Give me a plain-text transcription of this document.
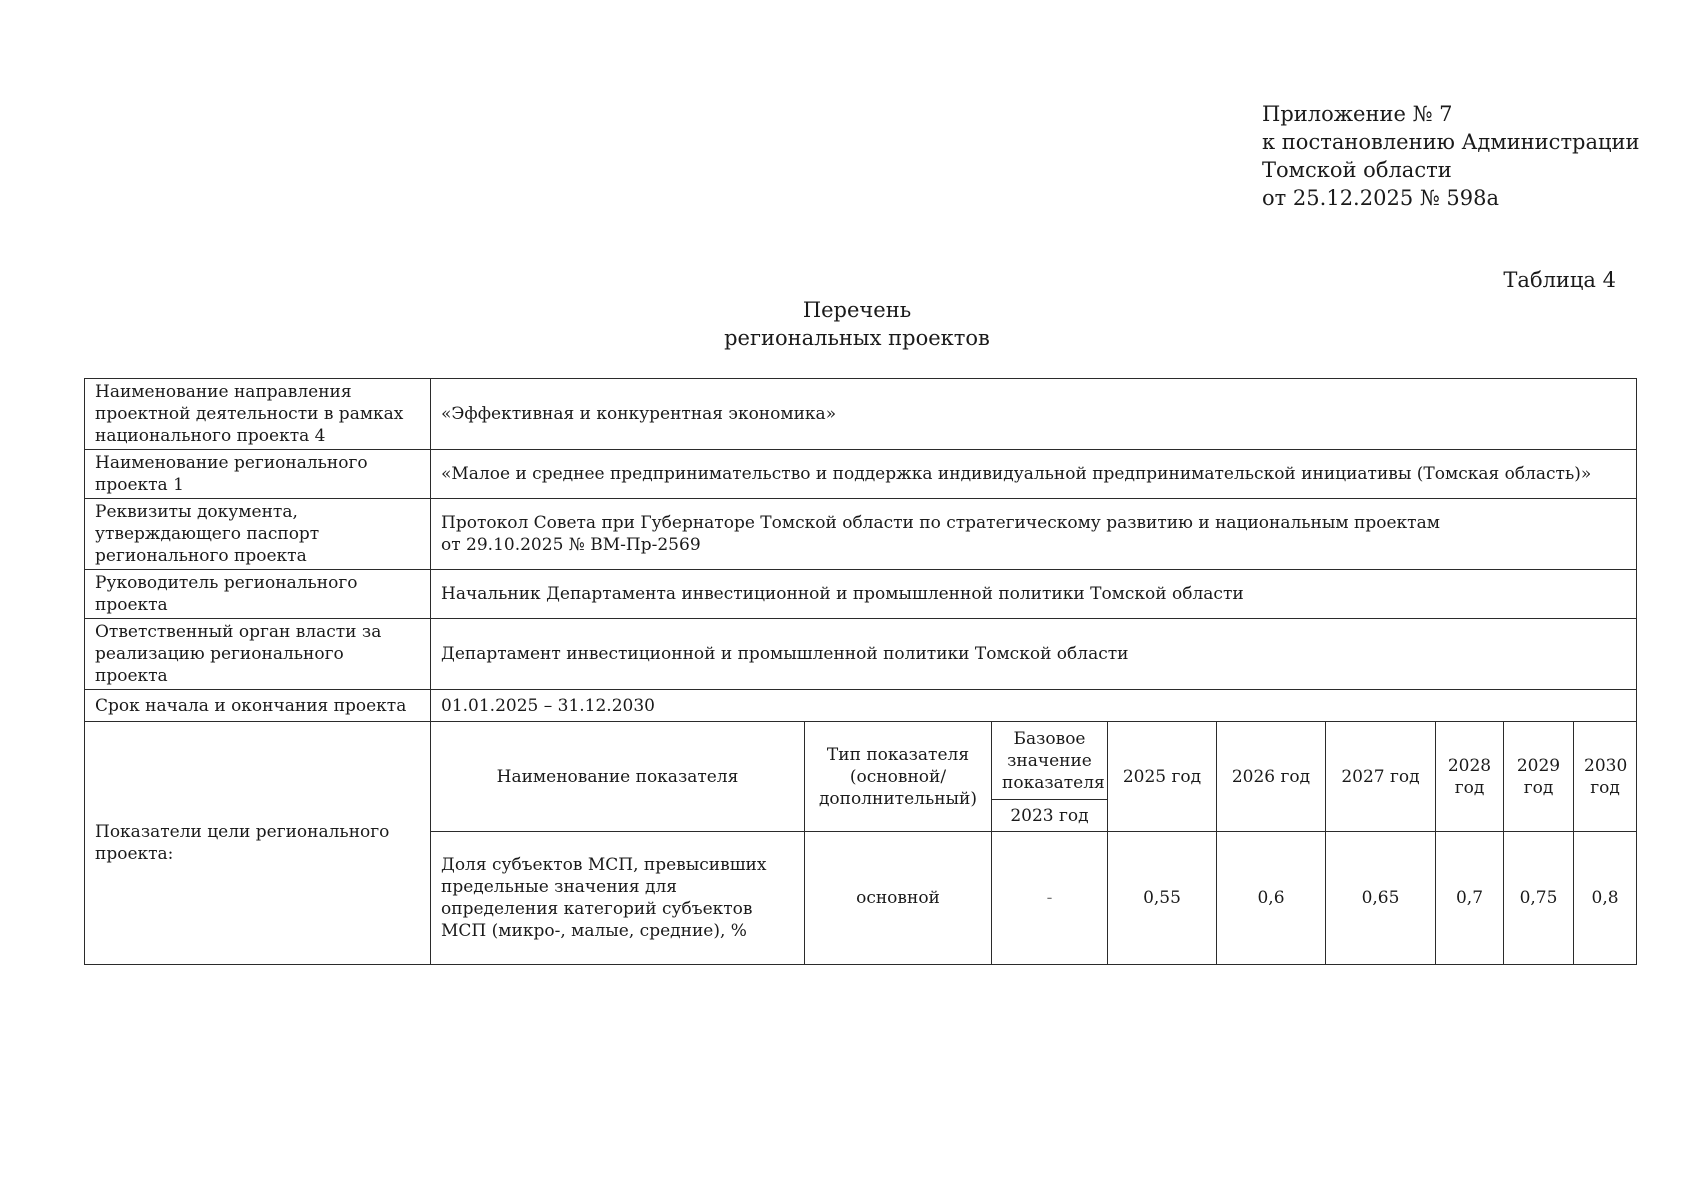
Приложение № 7
к постановлению Администрации
Томской области
от 25.12.2025 № 598а
Таблица 4
Перечень
региональных проектов
Наименование направления проектной деятельности в рамках национального проекта 4	«Эффективная и конкурентная экономика»								
Наименование регионального проекта 1	«Малое и среднее предпринимательство и поддержка индивидуальной предпринимательской инициативы (Томская область)»								
Реквизиты документа, утверждающего паспорт регионального проекта	Протокол Совета при Губернаторе Томской области по стратегическому развитию и национальным проектам
от 29.10.2025 № ВМ-Пр-2569								

Руководитель регионального проекта	Начальник Департамента инвестиционной и промышленной политики Томской области								
Ответственный орган власти за реализацию регионального проекта	Департамент инвестиционной и промышленной политики Томской области								
Срок начала и окончания проекта	01.01.2025 – 31.12.2030								
Показатели цели регионального проекта:	Наименование показателя	Тип показателя (основной/ дополнительный)	Базовое значение показателя	2025 год	2026 год	2027 год	2028 год	2029 год	2030 год
			2023 год						
	Доля субъектов МСП, превысивших предельные значения для определения категорий субъектов МСП (микро-, малые, средние), %	основной	-	0,55	0,6	0,65	0,7	0,75	0,8
